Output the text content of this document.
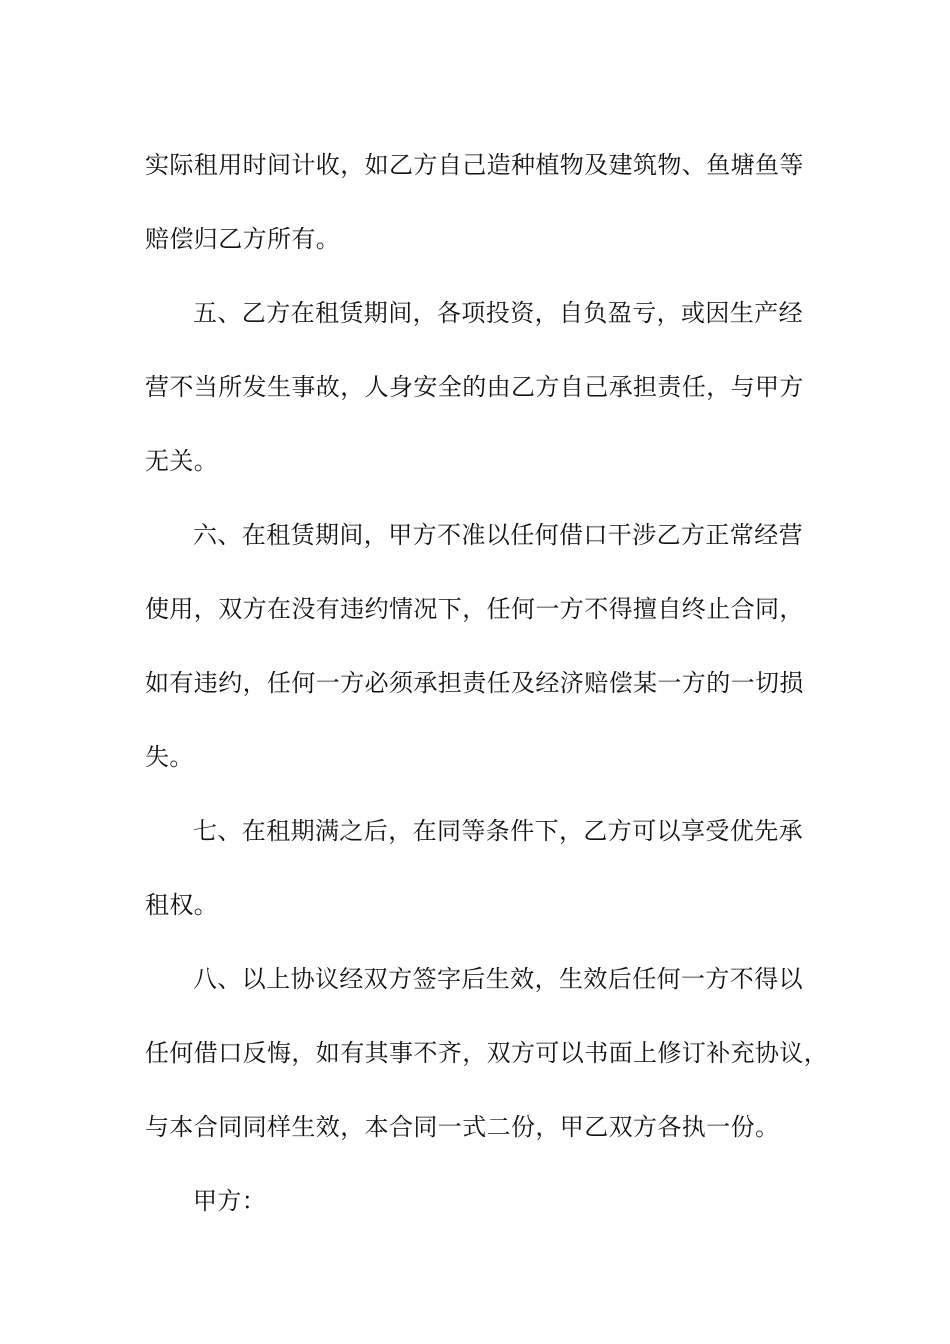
实际租用时间计收，如乙方自己造种植物及建筑物、鱼塘鱼等
赔偿归乙方所有。
五、乙方在租赁期间，各项投资，自负盈亏，或因生产经
营不当所发生事故，人身安全的由乙方自己承担责任，与甲方
无关。
六、在租赁期间，甲方不准以任何借口干涉乙方正常经营
使用，双方在没有违约情况下，任何一方不得擅自终止合同，
如有违约，任何一方必须承担责任及经济赔偿某一方的一切损
失。
七、在租期满之后，在同等条件下，乙方可以享受优先承
租权。
八、以上协议经双方签字后生效，生效后任何一方不得以
任何借口反悔，如有其事不齐，双方可以书面上修订补充协议，
与本合同同样生效，本合同一式二份，甲乙双方各执一份。
甲方：
